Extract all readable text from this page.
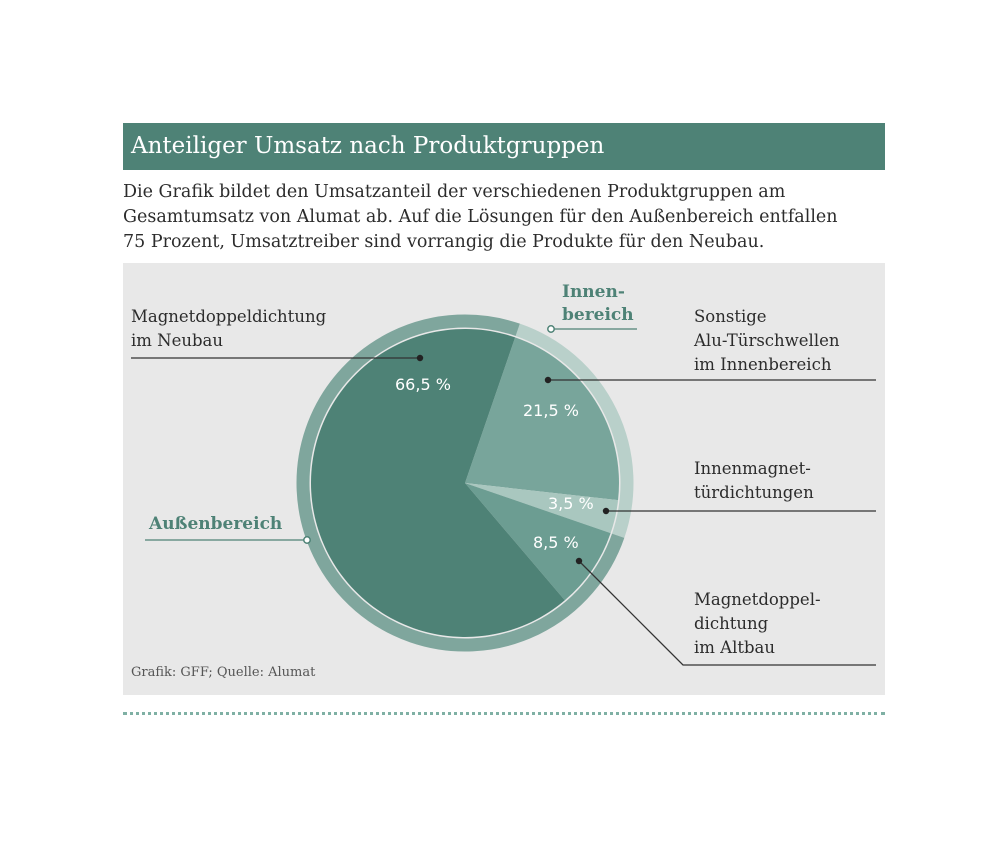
Anteiliger Umsatz nach Produktgruppen
Die Grafik bildet den Umsatzanteil der verschiedenen Produktgruppen am
Gesamtumsatz von Alumat ab. Auf die Lösungen für den Außenbereich entfallen
75 Prozent, Umsatztreiber sind vorrangig die Produkte für den Neubau.
Magnetdoppeldichtung
im Neubau
Sonstige
Alu-Türschwellen
im Innenbereich
Innenmagnet-
türdichtungen
Magnetdoppel-
dichtung
im Altbau
Außenbereich
Innen-
bereich
66,5 %
21,5 %
3,5 %
8,5 %
Grafik: GFF; Quelle: Alumat
